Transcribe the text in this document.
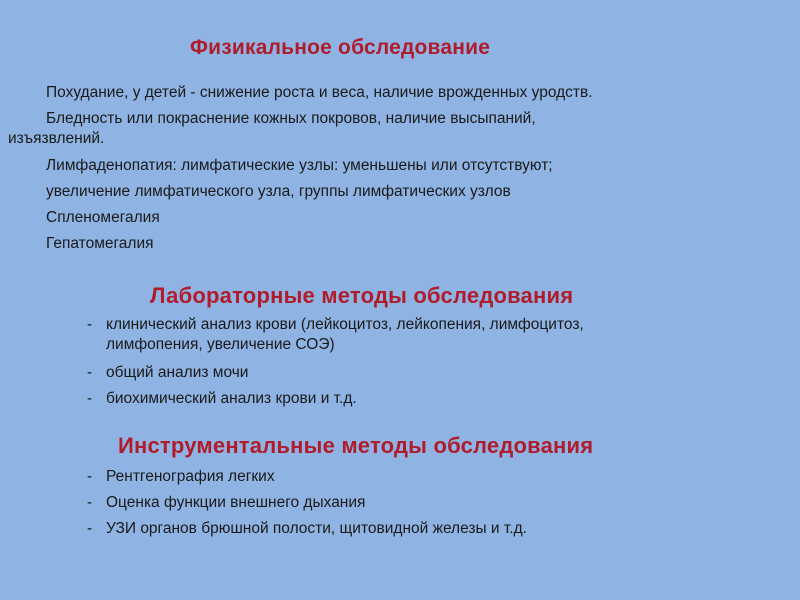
Физикальное обследование

Похудание, у детей - снижение роста и веса, наличие врожденных уродств.

Бледность или покраснение кожных покровов, наличие высыпаний,

изъязвлений.

Лимфаденопатия: лимфатические узлы: уменьшены или отсутствуют;

увеличение лимфатического узла, группы лимфатических узлов

Спленомегалия

Гепатомегалия

Лабораторные методы обследования
- клинический анализ крови (лейкоцитоз, лейкопения, лимфоцитоз,
лимфопения, увеличение СОЭ)
- общий анализ мочи
- биохимический анализ крови и т.д.
Инструментальные методы обследования
- Рентгенография легких
- Оценка функции внешнего дыхания
- УЗИ органов брюшной полости, щитовидной железы и т.д.
